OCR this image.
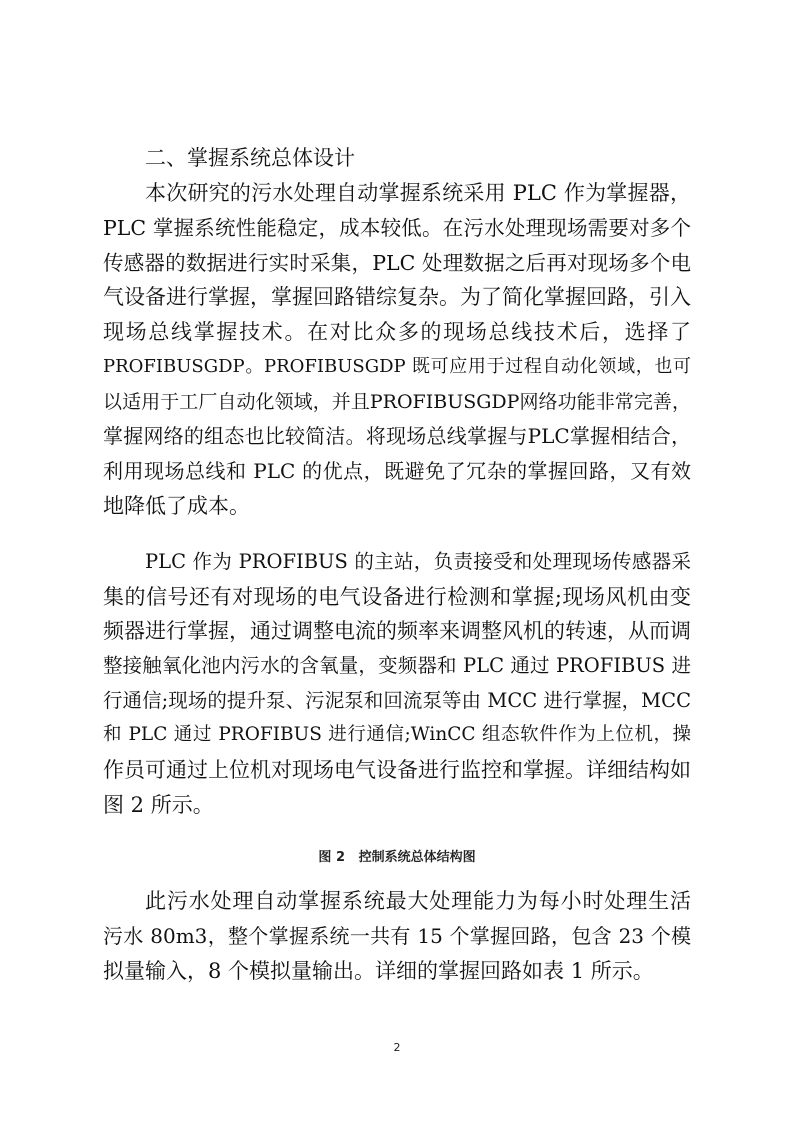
二、掌握系统总体设计
本次研究的污水处理自动掌握系统采用 PLC 作为掌握器，
PLC 掌握系统性能稳定，成本较低。在污水处理现场需要对多个
传感器的数据进行实时采集，PLC 处理数据之后再对现场多个电
气设备进行掌握，掌握回路错综复杂。为了简化掌握回路，引入
现场总线掌握技术。在对比众多的现场总线技术后，选择了
PROFIBUSGDP。PROFIBUSGDP 既可应用于过程自动化领域，也可
以适用于工厂自动化领域，并且PROFIBUSGDP网络功能非常完善，
掌握网络的组态也比较简洁。将现场总线掌握与PLC掌握相结合，
利用现场总线和 PLC 的优点，既避免了冗杂的掌握回路，又有效
地降低了成本。
PLC 作为 PROFIBUS 的主站，负责接受和处理现场传感器采
集的信号还有对现场的电气设备进行检测和掌握;现场风机由变
频器进行掌握，通过调整电流的频率来调整风机的转速，从而调
整接触氧化池内污水的含氧量，变频器和 PLC 通过 PROFIBUS 进
行通信;现场的提升泵、污泥泵和回流泵等由 MCC 进行掌握，MCC
和 PLC 通过 PROFIBUS 进行通信;WinCC 组态软件作为上位机，操
作员可通过上位机对现场电气设备进行监控和掌握。详细结构如
图 2 所示。
图 2   控制系统总体结构图
此污水处理自动掌握系统最大处理能力为每小时处理生活
污水 80m3，整个掌握系统一共有 15 个掌握回路，包含 23 个模
拟量输入，8 个模拟量输出。详细的掌握回路如表 1 所示。
2
